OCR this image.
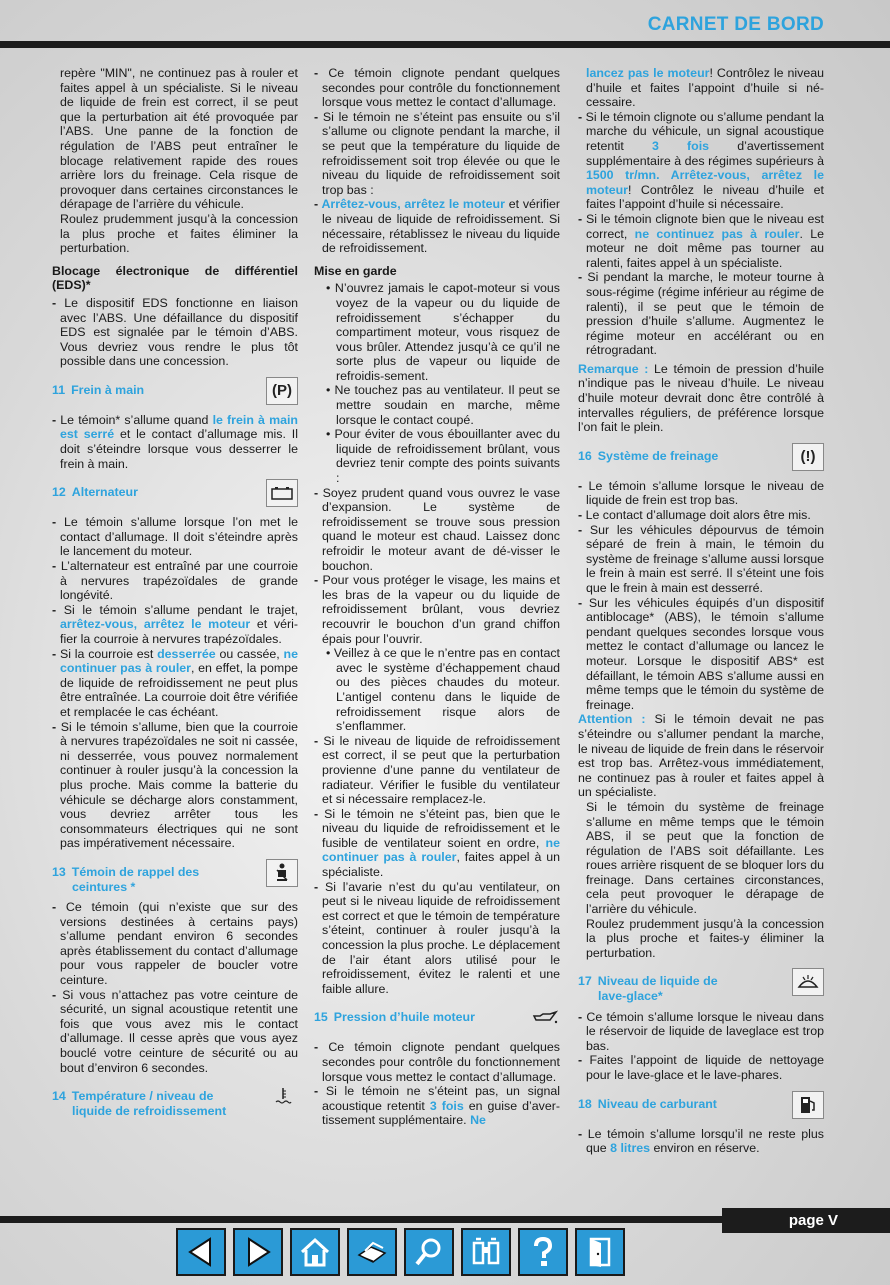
CARNET DE BORD

repère "MIN", ne continuez pas à rouler et faites appel à un spécialiste. Si le niveau de liquide de frein est correct, il se peut que la perturbation ait été provoquée par l’ABS. Une panne de la fonction de régulation de l’ABS peut entraîner le blocage relativement rapide des roues arrière lors du freinage. Cela risque de provoquer dans certaines circonstances le dérapage de l’arrière du véhicule.

Roulez prudemment jusqu’à la concession la plus proche et faites éliminer la perturbation.

Blocage électronique de différentiel (EDS)*

- Le dispositif EDS fonctionne en liaison avec l’ABS. Une défaillance du dispositif EDS est signalée par le témoin d’ABS. Vous devriez vous rendre le plus tôt possible dans une concession.

11 Frein à main	(P)

- Le témoin* s’allume quand le frein à main est serré et le contact d’allumage mis. Il doit s’éteindre lorsque vous desserrer le frein à main.

12 Alternateur

- Le témoin s’allume lorsque l’on met le contact d’allumage. Il doit s’éteindre après le lancement du moteur.

- L’alternateur est entraîné par une courroie à nervures trapézoïdales de grande longévité.

- Si le témoin s’allume pendant le trajet, arrêtez-vous, arrêtez le moteur et véri-fier la courroie à nervures trapézoïdales.

- Si la courroie est desserrée ou cassée, ne continuer pas à rouler, en effet, la pompe de liquide de refroidissement ne peut plus être entraînée. La courroie doit être vérifiée et remplacée le cas échéant.

- Si le témoin s’allume, bien que la courroie à nervures trapézoïdales ne soit ni cassée, ni desserrée, vous pouvez normalement continuer à rouler jusqu’à la concession la plus proche. Mais comme la batterie du véhicule se décharge alors constamment, vous devriez arrêter tous les consommateurs électriques qui ne sont pas impérativement nécessaire.

13 Témoin de rappel des
ceintures *

- Ce témoin (qui n’existe que sur des versions destinées à certains pays) s’allume pendant environ 6 secondes après établissement du contact d’allumage pour vous rappeler de boucler votre ceinture.

- Si vous n’attachez pas votre ceinture de sécurité, un signal acoustique retentit une fois que vous avez mis le contact d’allumage. Il cesse après que vous ayez bouclé votre ceinture de sécurité ou au bout d’environ 6 secondes.

14 Température / niveau de
liquide de refroidissement

- Ce témoin clignote pendant quelques secondes pour contrôle du fonctionnement lorsque vous mettez le contact d’allumage.

- Si le témoin ne s’éteint pas ensuite ou s’il s’allume ou clignote pendant la marche, il se peut que la température du liquide de refroidissement soit trop élevée ou que le niveau du liquide de refroidissement soit trop bas :

- Arrêtez-vous, arrêtez le moteur et vérifier le niveau de liquide de refroidissement. Si nécessaire, rétablissez le niveau du liquide de refroidissement.

Mise en garde

• N’ouvrez jamais le capot-moteur si vous voyez de la vapeur ou du liquide de refroidissement s’échapper du compartiment moteur, vous risquez de vous brûler. Attendez jusqu’à ce qu’il ne sorte plus de vapeur ou liquide de refroidis-sement.

• Ne touchez pas au ventilateur. Il peut se mettre soudain en marche, même lorsque le contact coupé.

• Pour éviter de vous ébouillanter avec du liquide de refroidissement brûlant, vous devriez tenir compte des points suivants :

- Soyez prudent quand vous ouvrez le vase d’expansion. Le système de refroidissement se trouve sous pression quand le moteur est chaud. Laissez donc refroidir le moteur avant de dé-visser le bouchon.

- Pour vous protéger le visage, les mains et les bras de la vapeur ou du liquide de refroidissement brûlant, vous devriez recouvrir le bouchon d’un grand chiffon épais pour l’ouvrir.

• Veillez à ce que le n’entre pas en contact avec le système d’échappement chaud ou des pièces chaudes du moteur. L’antigel contenu dans le liquide de refroidissement risque alors de s’enflammer.

- Si le niveau de liquide de refroidissement est correct, il se peut que la perturbation provienne d’une panne du ventilateur de radiateur. Vérifier le fusible du ventilateur et si nécessaire remplacez-le.

- Si le témoin ne s’éteint pas, bien que le niveau du liquide de refroidissement et le fusible de ventilateur soient en ordre, ne continuer pas à rouler, faites appel à un spécialiste.

- Si l’avarie n’est du qu’au ventilateur, on peut si le niveau liquide de refroidissement est correct et que le témoin de température s’éteint, continuer à rouler jusqu’à la concession la plus proche. Le déplacement de l’air étant alors utilisé pour le refroidissement, évitez le ralenti et une faible allure.

15 Pression d’huile moteur

- Ce témoin clignote pendant quelques secondes pour contrôle du fonctionnement lorsque vous mettez le contact d’allumage.

- Si le témoin ne s’éteint pas, un signal acoustique retentit 3 fois en guise d’aver-tissement supplémentaire. Ne

lancez pas le moteur! Contrôlez le niveau d’huile et faites l’appoint d’huile si né-cessaire.

- Si le témoin clignote ou s’allume pendant la marche du véhicule, un signal acoustique retentit 3 fois d’avertissement supplémentaire à des régimes supérieurs à 1500 tr/mn. Arrêtez-vous, arrêtez le moteur! Contrôlez le niveau d’huile et faites l’appoint d’huile si nécessaire.

- Si le témoin clignote bien que le niveau est correct, ne continuez pas à rouler. Le moteur ne doit même pas tourner au ralenti, faites appel à un spécialiste.

- Si pendant la marche, le moteur tourne à sous-régime (régime inférieur au régime de ralenti), il se peut que le témoin de pression d’huile s’allume. Augmentez le régime moteur en accélérant ou en rétrogradant.

Remarque : Le témoin de pression d’huile n’indique pas le niveau d’huile. Le niveau d’huile moteur devrait donc être contrôlé à intervalles réguliers, de préférence lorsque l’on fait le plein.

16 Système de freinage	(!)

- Le témoin s’allume lorsque le niveau de liquide de frein est trop bas.

- Le contact d’allumage doit alors être mis.

- Sur les véhicules dépourvus de témoin séparé de frein à main, le témoin du système de freinage s’allume aussi lorsque le frein à main est serré. Il s’éteint une fois que le frein à main est desserré.

- Sur les véhicules équipés d’un dispositif antiblocage* (ABS), le témoin s’allume pendant quelques secondes lorsque vous mettez le contact d’allumage ou lancez le moteur. Lorsque le dispositif ABS* est défaillant, le témoin ABS s’allume aussi en même temps que le témoin du système de freinage.

Attention : Si le témoin devait ne pas s’éteindre ou s’allumer pendant la marche, le niveau de liquide de frein dans le réservoir est trop bas. Arrêtez-vous immédiatement, ne continuez pas à rouler et faites appel à un spécialiste.

Si le témoin du système de freinage s’allume en même temps que le témoin ABS, il se peut que la fonction de régulation de l’ABS soit défaillante. Les roues arrière risquent de se bloquer lors du freinage. Dans certaines circonstances, cela peut provoquer le dérapage de l’arrière du véhicule.

Roulez prudemment jusqu’à la concession la plus proche et faites-y éliminer la perturbation.

17 Niveau de liquide de
lave-glace*

- Ce témoin s’allume lorsque le niveau dans le réservoir de liquide de laveglace est trop bas.

- Faites l’appoint de liquide de nettoyage pour le lave-glace et le lave-phares.

18 Niveau de carburant

- Le témoin s’allume lorsqu’il ne reste plus que 8 litres environ en réserve.

page V
